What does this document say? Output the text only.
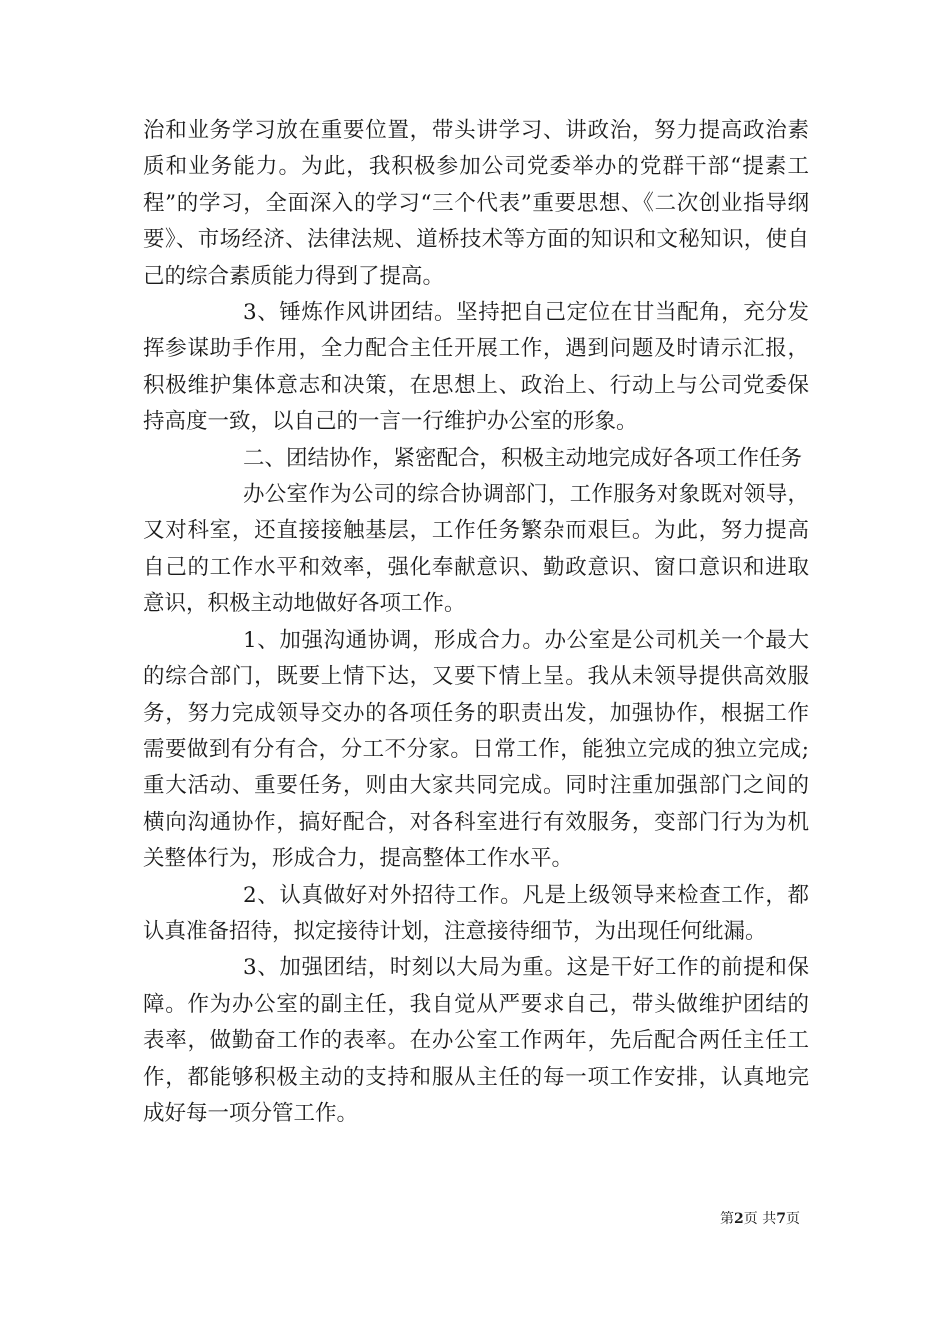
治和业务学习放在重要位置，带头讲学习、讲政治，努力提高政治素质和业务能力。为此，我积极参加公司党委举办的党群干部“提素工程”的学习，全面深入的学习“三个代表”重要思想、《二次创业指导纲要》、市场经济、法律法规、道桥技术等方面的知识和文秘知识，使自己的综合素质能力得到了提高。

3、锤炼作风讲团结。坚持把自己定位在甘当配角，充分发挥参谋助手作用，全力配合主任开展工作，遇到问题及时请示汇报，积极维护集体意志和决策，在思想上、政治上、行动上与公司党委保持高度一致，以自己的一言一行维护办公室的形象。

二、团结协作，紧密配合，积极主动地完成好各项工作任务

办公室作为公司的综合协调部门，工作服务对象既对领导，又对科室，还直接接触基层，工作任务繁杂而艰巨。为此，努力提高自己的工作水平和效率，强化奉献意识、勤政意识、窗口意识和进取意识，积极主动地做好各项工作。

1、加强沟通协调，形成合力。办公室是公司机关一个最大的综合部门，既要上情下达，又要下情上呈。我从未领导提供高效服务，努力完成领导交办的各项任务的职责出发，加强协作，根据工作需要做到有分有合，分工不分家。日常工作，能独立完成的独立完成;重大活动、重要任务，则由大家共同完成。同时注重加强部门之间的横向沟通协作，搞好配合，对各科室进行有效服务，变部门行为为机关整体行为，形成合力，提高整体工作水平。

2、认真做好对外招待工作。凡是上级领导来检查工作，都认真准备招待，拟定接待计划，注意接待细节，为出现任何纰漏。

3、加强团结，时刻以大局为重。这是干好工作的前提和保障。作为办公室的副主任，我自觉从严要求自己，带头做维护团结的表率，做勤奋工作的表率。在办公室工作两年，先后配合两任主任工作，都能够积极主动的支持和服从主任的每一项工作安排，认真地完成好每一项分管工作。

第2页 共7页
